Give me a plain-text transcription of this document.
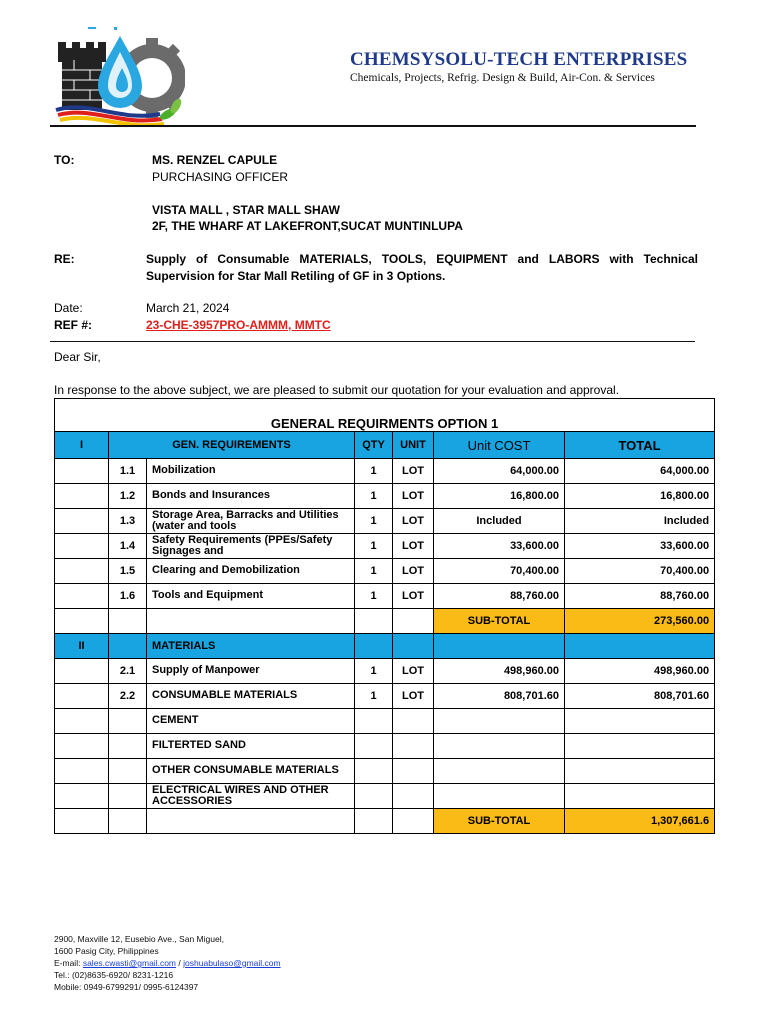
CHEMSYSOLU-TECH ENTERPRISES
Chemicals, Projects, Refrig. Design & Build, Air-Con. & Services
TO:	MS. RENZEL CAPULE
PURCHASING OFFICER
VISTA MALL , STAR MALL SHAW
2F, THE WHARF AT LAKEFRONT,SUCAT MUNTINLUPA
RE:	Supply of Consumable MATERIALS, TOOLS, EQUIPMENT and LABORS with Technical Supervision for Star Mall Retiling of GF in 3 Options.
Date:	March 21, 2024
REF #:	23-CHE-3957PRO-AMMM, MMTC
Dear Sir,
In response to the above subject, we are pleased to submit our quotation for your evaluation and approval.
GENERAL REQUIRMENTS OPTION 1						
I	GEN. REQUIREMENTS		QTY	UNIT	Unit COST	TOTAL
	1.1	Mobilization	1	LOT	64,000.00	64,000.00
	1.2	Bonds and Insurances	1	LOT	16,800.00	16,800.00
	1.3	Storage Area, Barracks and Utilities (water and tools	1	LOT	Included	Included
	1.4	Safety Requirements (PPEs/Safety Signages and	1	LOT	33,600.00	33,600.00
	1.5	Clearing and Demobilization	1	LOT	70,400.00	70,400.00
	1.6	Tools and Equipment	1	LOT	88,760.00	88,760.00
					SUB-TOTAL	273,560.00
II		MATERIALS				
	2.1	Supply of Manpower	1	LOT	498,960.00	498,960.00
	2.2	CONSUMABLE MATERIALS	1	LOT	808,701.60	808,701.60
		CEMENT				
		FILTERTED SAND				
		OTHER CONSUMABLE MATERIALS				
		ELECTRICAL WIRES AND OTHER ACCESSORIES				
					SUB-TOTAL	1,307,661.6
2900, Maxville 12, Eusebio Ave., San Miguel,
1600 Pasig City, Philippines
E-mail: sales.cwasti@gmail.com / joshuabulaso@gmail.com
Tel.: (02)8635-6920/ 8231-1216
Mobile: 0949-6799291/ 0995-6124397
